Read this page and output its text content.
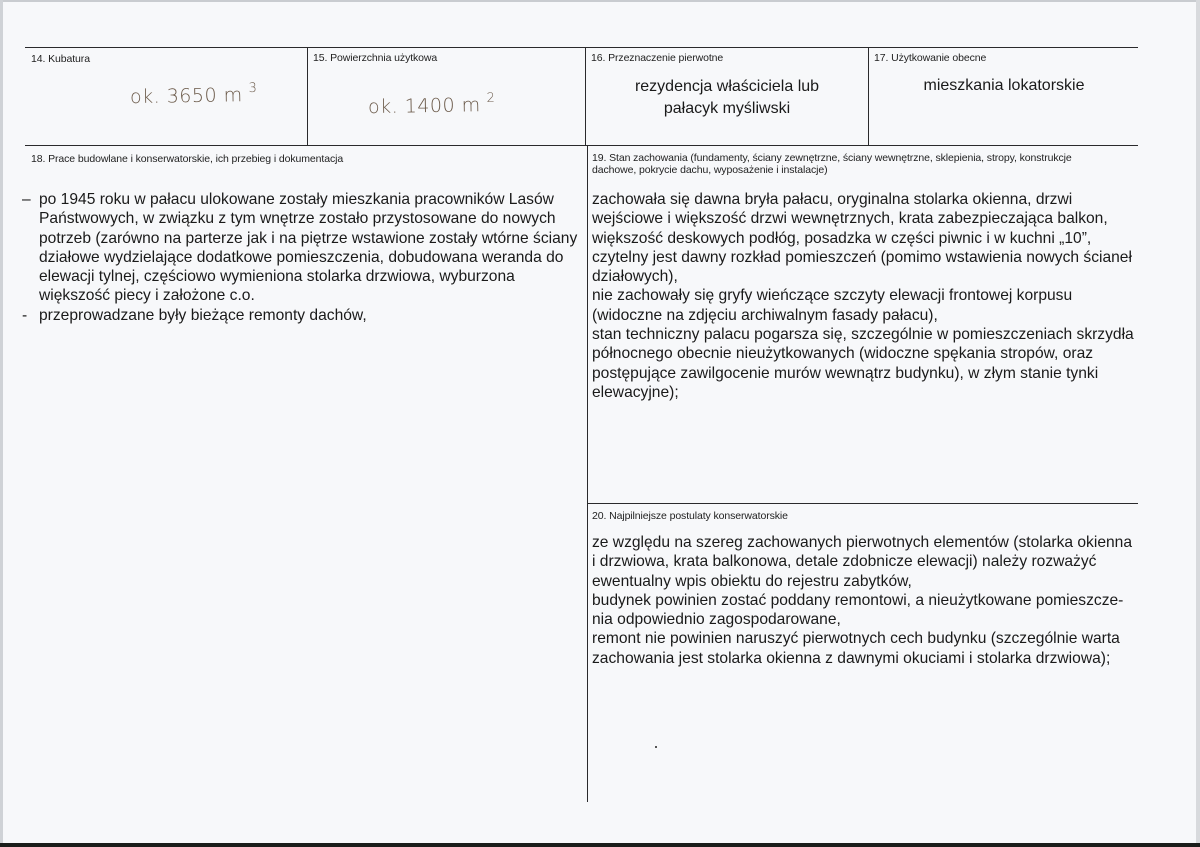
14. Kubatura
ok. 3650 m $^3$
15. Powierzchnia użytkowa
ok. 1400 m $^2$
16. Przeznaczenie pierwotne
rezydencja właściciela lub
pałacyk myśliwski
17. Użytkowanie obecne
mieszkania lokatorskie
18. Prace budowlane i konserwatorskie, ich przebieg i dokumentacja
– po 1945 roku w pałacu ulokowane zostały mieszkania pracowników Lasów
Państwowych, w związku z tym wnętrze zostało przystosowane do nowych
potrzeb (zarówno na parterze jak i na piętrze wstawione zostały wtórne ściany
działowe wydzielające dodatkowe pomieszczenia, dobudowana weranda do
elewacji tylnej, częściowo wymieniona stolarka drzwiowa, wyburzona
większość piecy i założone c.o.
- przeprowadzane były bieżące remonty dachów,
19. Stan zachowania (fundamenty, ściany zewnętrzne, ściany wewnętrzne, sklepienia, stropy, konstrukcje
dachowe, pokrycie dachu, wyposażenie i instalacje)
zachowała się dawna bryła pałacu, oryginalna stolarka okienna, drzwi
wejściowe i większość drzwi wewnętrznych, krata zabezpieczająca balkon,
większość deskowych podłóg, posadzka w części piwnic i w kuchni „10”,
czytelny jest dawny rozkład pomieszczeń (pomimo wstawienia nowych ścianeł
działowych),
nie zachowały się gryfy wieńczące szczyty elewacji frontowej korpusu
(widoczne na zdjęciu archiwalnym fasady pałacu),
stan techniczny palacu pogarsza się, szczególnie w pomieszczeniach skrzydła
północnego obecnie nieużytkowanych (widoczne spękania stropów, oraz
postępujące zawilgocenie murów wewnątrz budynku), w złym stanie tynki
elewacyjne);
20. Najpilniejsze postulaty konserwatorskie
ze względu na szereg zachowanych pierwotnych elementów (stolarka okienna
i drzwiowa, krata balkonowa, detale zdobnicze elewacji) należy rozważyć
ewentualny wpis obiektu do rejestru zabytków,
budynek powinien zostać poddany remontowi, a nieużytkowane pomieszcze-
nia odpowiednio zagospodarowane,
remont nie powinien naruszyć pierwotnych cech budynku (szczególnie warta
zachowania jest stolarka okienna z dawnymi okuciami i stolarka drzwiowa);
